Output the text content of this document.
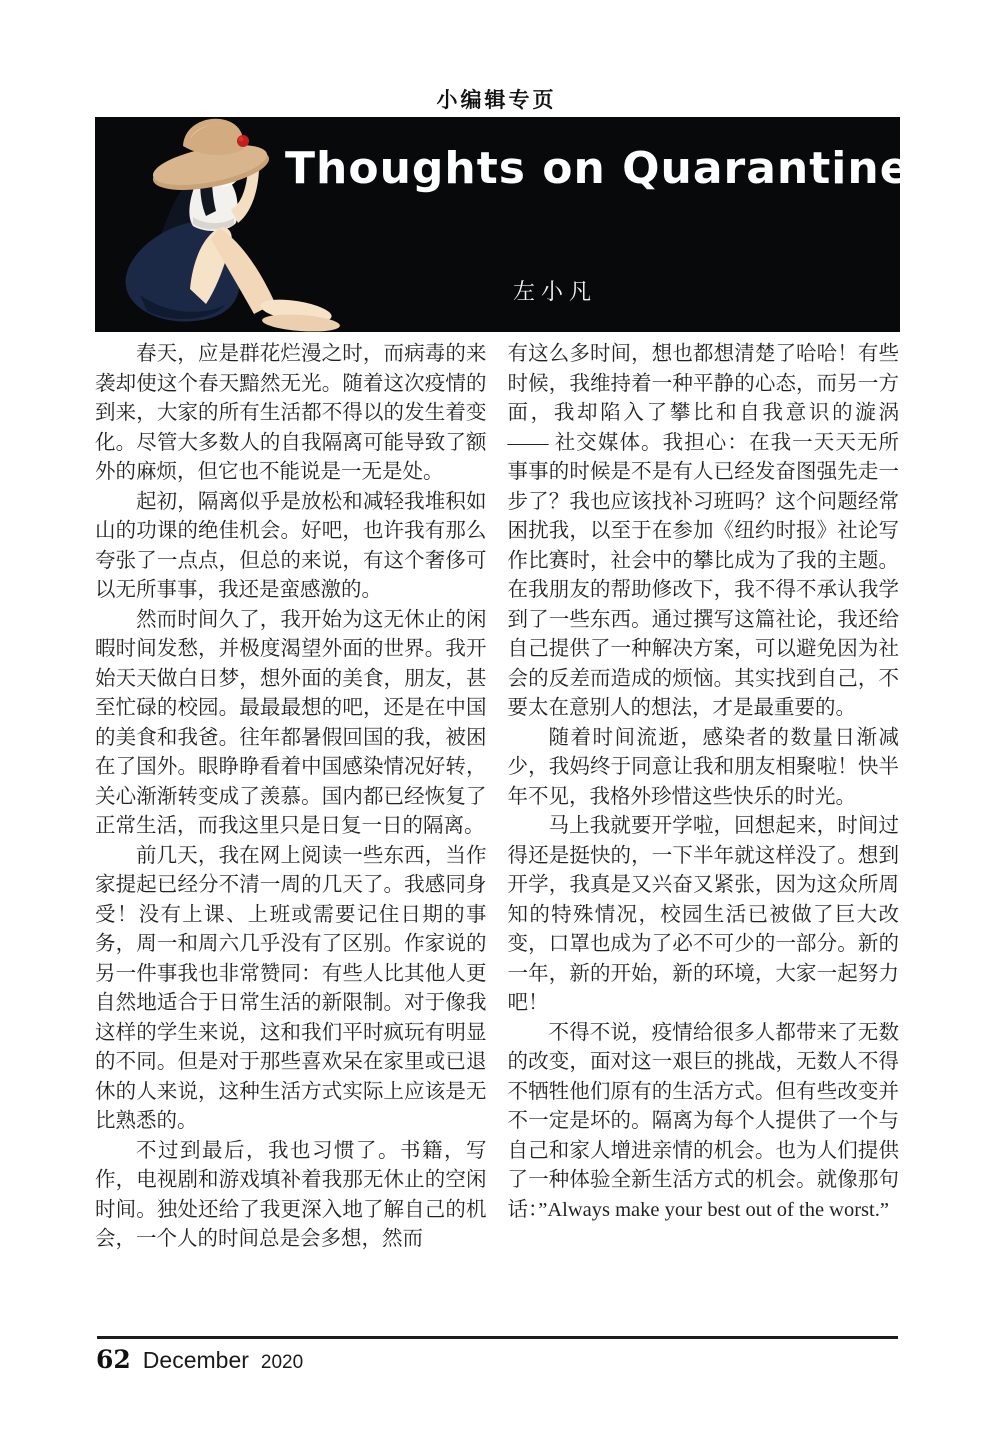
小编辑专页
Thoughts on Quarantine
左小凡

春天，应是群花烂漫之时，而病毒的来袭却使这个春天黯然无光。随着这次疫情的到来，大家的所有生活都不得以的发生着变化。尽管大多数人的自我隔离可能导致了额外的麻烦，但它也不能说是一无是处。

起初，隔离似乎是放松和减轻我堆积如山的功课的绝佳机会。好吧，也许我有那么夸张了一点点，但总的来说，有这个奢侈可以无所事事，我还是蛮感激的。

然而时间久了，我开始为这无休止的闲暇时间发愁，并极度渴望外面的世界。我开始天天做白日梦，想外面的美食，朋友，甚至忙碌的校园。最最最想的吧，还是在中国的美食和我爸。往年都暑假回国的我，被困在了国外。眼睁睁看着中国感染情况好转，关心渐渐转变成了羡慕。国内都已经恢复了正常生活，而我这里只是日复一日的隔离。

前几天，我在网上阅读一些东西，当作家提起已经分不清一周的几天了。我感同身受！没有上课、上班或需要记住日期的事务，周一和周六几乎没有了区别。作家说的另一件事我也非常赞同：有些人比其他人更自然地适合于日常生活的新限制。对于像我这样的学生来说，这和我们平时疯玩有明显的不同。但是对于那些喜欢呆在家里或已退休的人来说，这种生活方式实际上应该是无比熟悉的。

不过到最后，我也习惯了。书籍，写作，电视剧和游戏填补着我那无休止的空闲时间。独处还给了我更深入地了解自己的机会，一个人的时间总是会多想，然而

有这么多时间，想也都想清楚了哈哈！有些时候，我维持着一种平静的心态，而另一方面，我却陷入了攀比和自我意识的漩涡 —— 社交媒体。我担心：在我一天天无所事事的时候是不是有人已经发奋图强先走一步了？我也应该找补习班吗？这个问题经常困扰我，以至于在参加《纽约时报》社论写作比赛时，社会中的攀比成为了我的主题。在我朋友的帮助修改下，我不得不承认我学到了一些东西。通过撰写这篇社论，我还给自己提供了一种解决方案，可以避免因为社会的反差而造成的烦恼。其实找到自己，不要太在意别人的想法，才是最重要的。

随着时间流逝，感染者的数量日渐减少，我妈终于同意让我和朋友相聚啦！快半年不见，我格外珍惜这些快乐的时光。

马上我就要开学啦，回想起来，时间过得还是挺快的，一下半年就这样没了。想到开学，我真是又兴奋又紧张，因为这众所周知的特殊情况，校园生活已被做了巨大改变，口罩也成为了必不可少的一部分。新的一年，新的开始，新的环境，大家一起努力吧！

不得不说，疫情给很多人都带来了无数的改变，面对这一艰巨的挑战，无数人不得不牺牲他们原有的生活方式。但有些改变并不一定是坏的。隔离为每个人提供了一个与自己和家人增进亲情的机会。也为人们提供了一种体验全新生活方式的机会。就像那句话：”Always make your best out of the worst.”

62 December 2020
